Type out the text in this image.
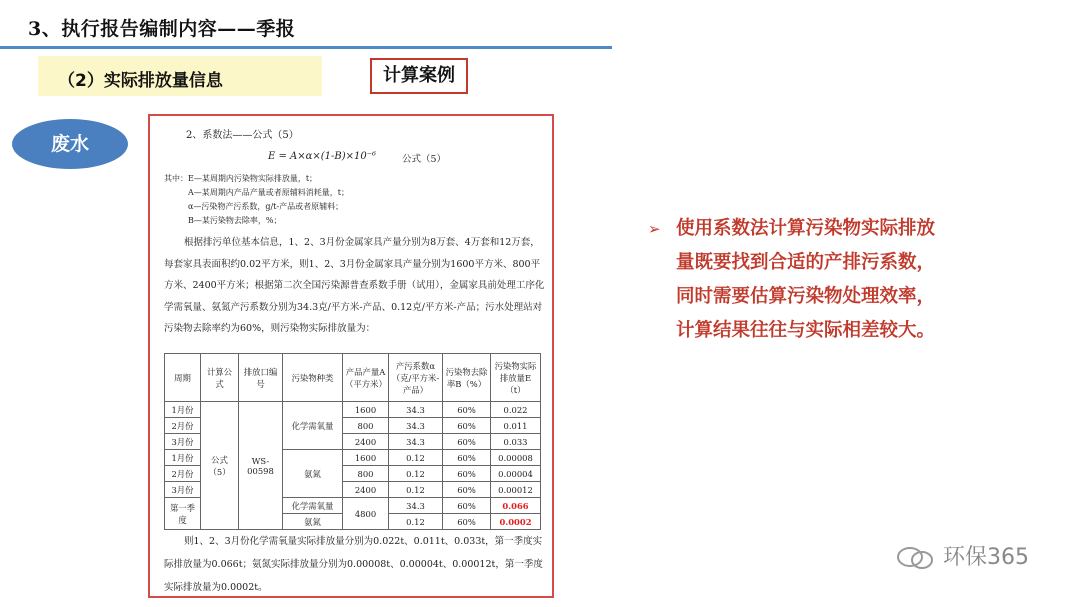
3、执行报告编制内容——季报
（2）实际排放量信息	计算案例
废水	2、系数法——公式（5）
E = A×α×(1-B)×10⁻⁶	公式（5）
其中：E—某周期内污染物实际排放量，t；
A—某周期内产品产量或者原辅料消耗量，t；
α—污染物产污系数，g/t-产品或者原辅料；
B—某污染物去除率，%；
根据排污单位基本信息，1、2、3月份金属家具产量分别为8万套、4万套和12万套，每套家具表面积约0.02平方米，则1、2、3月份金属家具产量分别为1600平方米、800平方米、2400平方米；根据第二次全国污染源普查系数手册（试用），金属家具前处理工序化学需氧量、氨氮产污系数分别为34.3克/平方米-产品、0.12克/平方米-产品；污水处理站对污染物去除率约为60%，则污染物实际排放量为：
周期	计算公式	排放口编号	污染物种类	产品产量A（平方米）	产污系数α（克/平方米-产品）	污染物去除率B（%）	污染物实际排放量E（t）
1月份	公式（5）	WS-00598	化学需氧量	1600	34.3	60%	0.022
2月份				800	34.3	60%	0.011
3月份				2400	34.3	60%	0.033
1月份			氨氮	1600	0.12	60%	0.00008
2月份				800	0.12	60%	0.00004
3月份				2400	0.12	60%	0.00012
第一季度			化学需氧量	4800	34.3	60%	0.066
			氨氮		0.12	60%	0.0002
则1、2、3月份化学需氧量实际排放量分别为0.022t、0.011t、0.033t，第一季度实际排放量为0.066t；氨氮实际排放量分别为0.00008t、0.00004t、0.00012t，第一季度实际排放量为0.0002t。
➢ 使用系数法计算污染物实际排放量既要找到合适的产排污系数，同时需要估算污染物处理效率，计算结果往往与实际相差较大。
环保365
